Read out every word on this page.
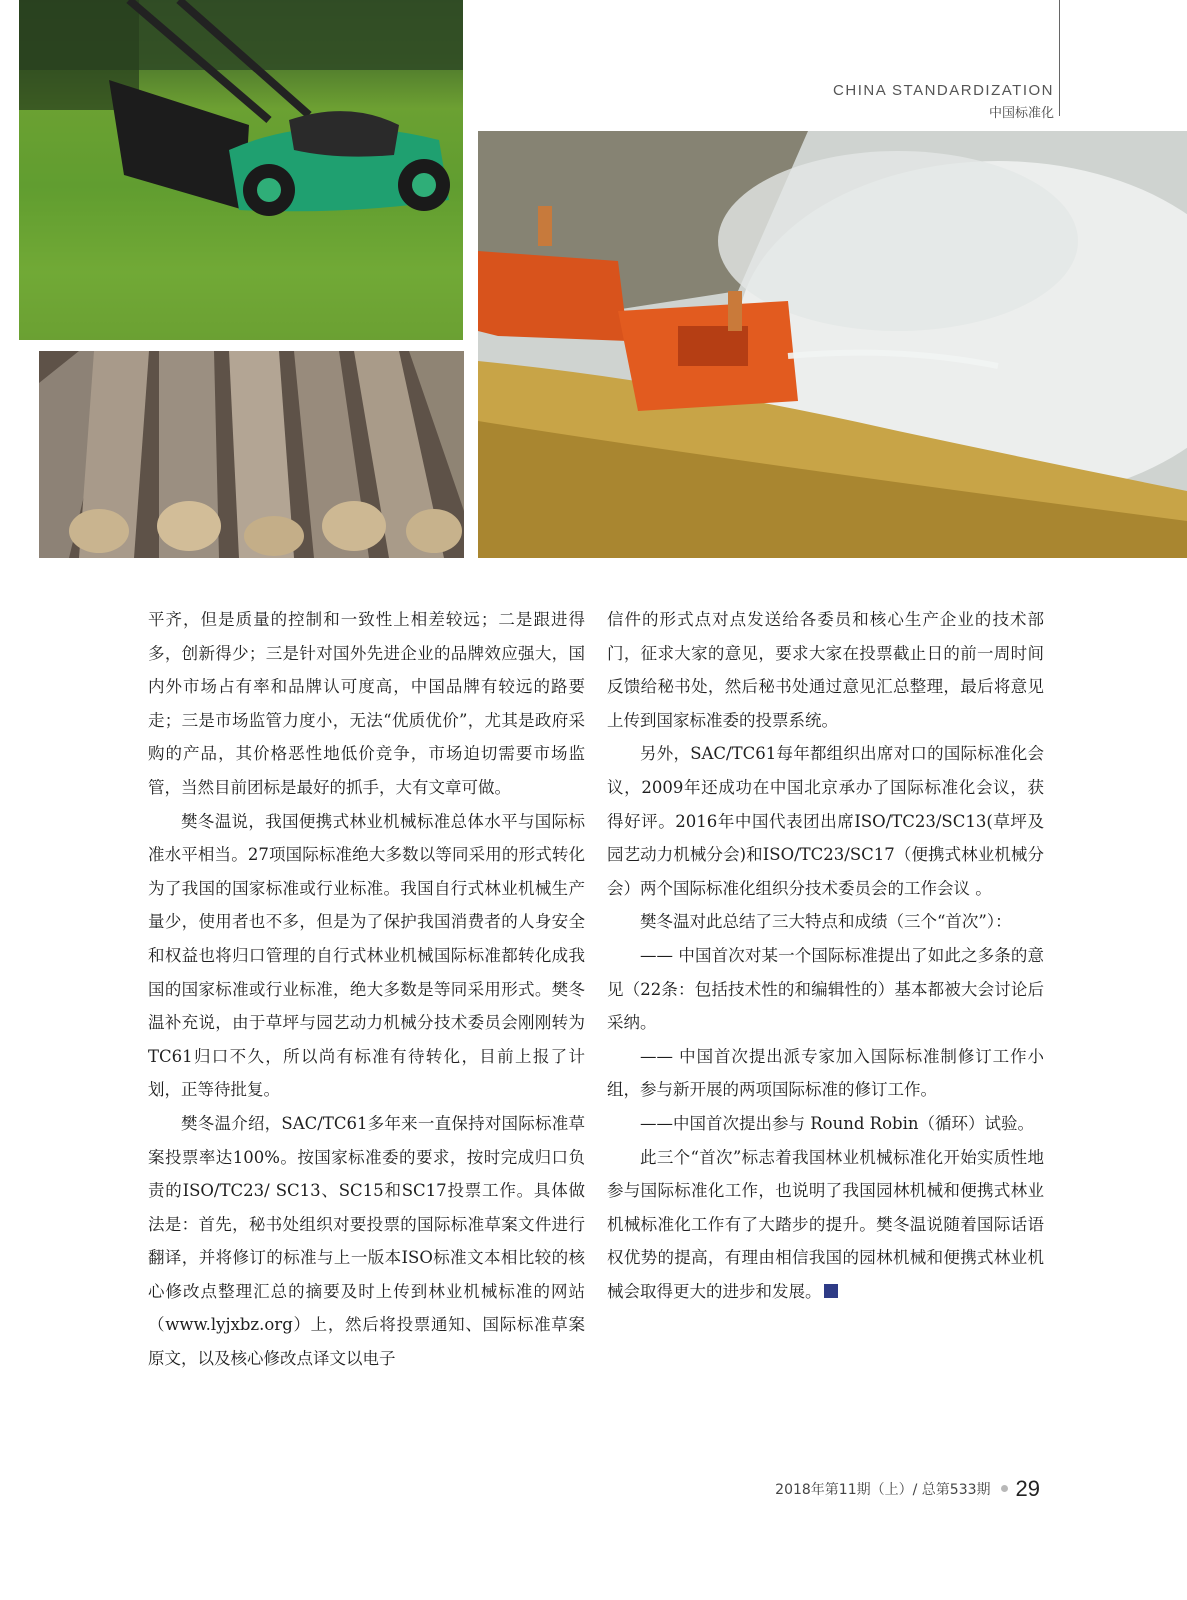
CHINA STANDARDIZATION
中国标准化

平齐，但是质量的控制和一致性上相差较远；二是跟进得多，创新得少；三是针对国外先进企业的品牌效应强大，国内外市场占有率和品牌认可度高，中国品牌有较远的路要走；三是市场监管力度小，无法“优质优价”，尤其是政府采购的产品，其价格恶性地低价竞争，市场迫切需要市场监管，当然目前团标是最好的抓手，大有文章可做。

樊冬温说，我国便携式林业机械标准总体水平与国际标准水平相当。27项国际标准绝大多数以等同采用的形式转化为了我国的国家标准或行业标准。我国自行式林业机械生产量少，使用者也不多，但是为了保护我国消费者的人身安全和权益也将归口管理的自行式林业机械国际标准都转化成我国的国家标准或行业标准，绝大多数是等同采用形式。樊冬温补充说，由于草坪与园艺动力机械分技术委员会刚刚转为TC61归口不久，所以尚有标准有待转化，目前上报了计划，正等待批复。

樊冬温介绍，SAC/TC61多年来一直保持对国际标准草案投票率达100%。按国家标准委的要求，按时完成归口负责的ISO/TC23/ SC13、SC15和SC17投票工作。具体做法是：首先，秘书处组织对要投票的国际标准草案文件进行翻译，并将修订的标准与上一版本ISO标准文本相比较的核心修改点整理汇总的摘要及时上传到林业机械标准的网站（www.lyjxbz.org）上，然后将投票通知、国际标准草案原文，以及核心修改点译文以电子

信件的形式点对点发送给各委员和核心生产企业的技术部门，征求大家的意见，要求大家在投票截止日的前一周时间反馈给秘书处，然后秘书处通过意见汇总整理，最后将意见上传到国家标准委的投票系统。

另外，SAC/TC61每年都组织出席对口的国际标准化会议，2009年还成功在中国北京承办了国际标准化会议，获得好评。2016年中国代表团出席ISO/TC23/SC13(草坪及园艺动力机械分会)和ISO/TC23/SC17（便携式林业机械分会）两个国际标准化组织分技术委员会的工作会议 。

樊冬温对此总结了三大特点和成绩（三个“首次”）：

—— 中国首次对某一个国际标准提出了如此之多条的意见（22条：包括技术性的和编辑性的）基本都被大会讨论后采纳。

—— 中国首次提出派专家加入国际标准制修订工作小组，参与新开展的两项国际标准的修订工作。

——中国首次提出参与 Round Robin（循环）试验。

此三个“首次”标志着我国林业机械标准化开始实质性地参与国际标准化工作，也说明了我国园林机械和便携式林业机械标准化工作有了大踏步的提升。樊冬温说随着国际话语权优势的提高，有理由相信我国的园林机械和便携式林业机械会取得更大的进步和发展。

2018年第11期（上）/ 总第533期 29
